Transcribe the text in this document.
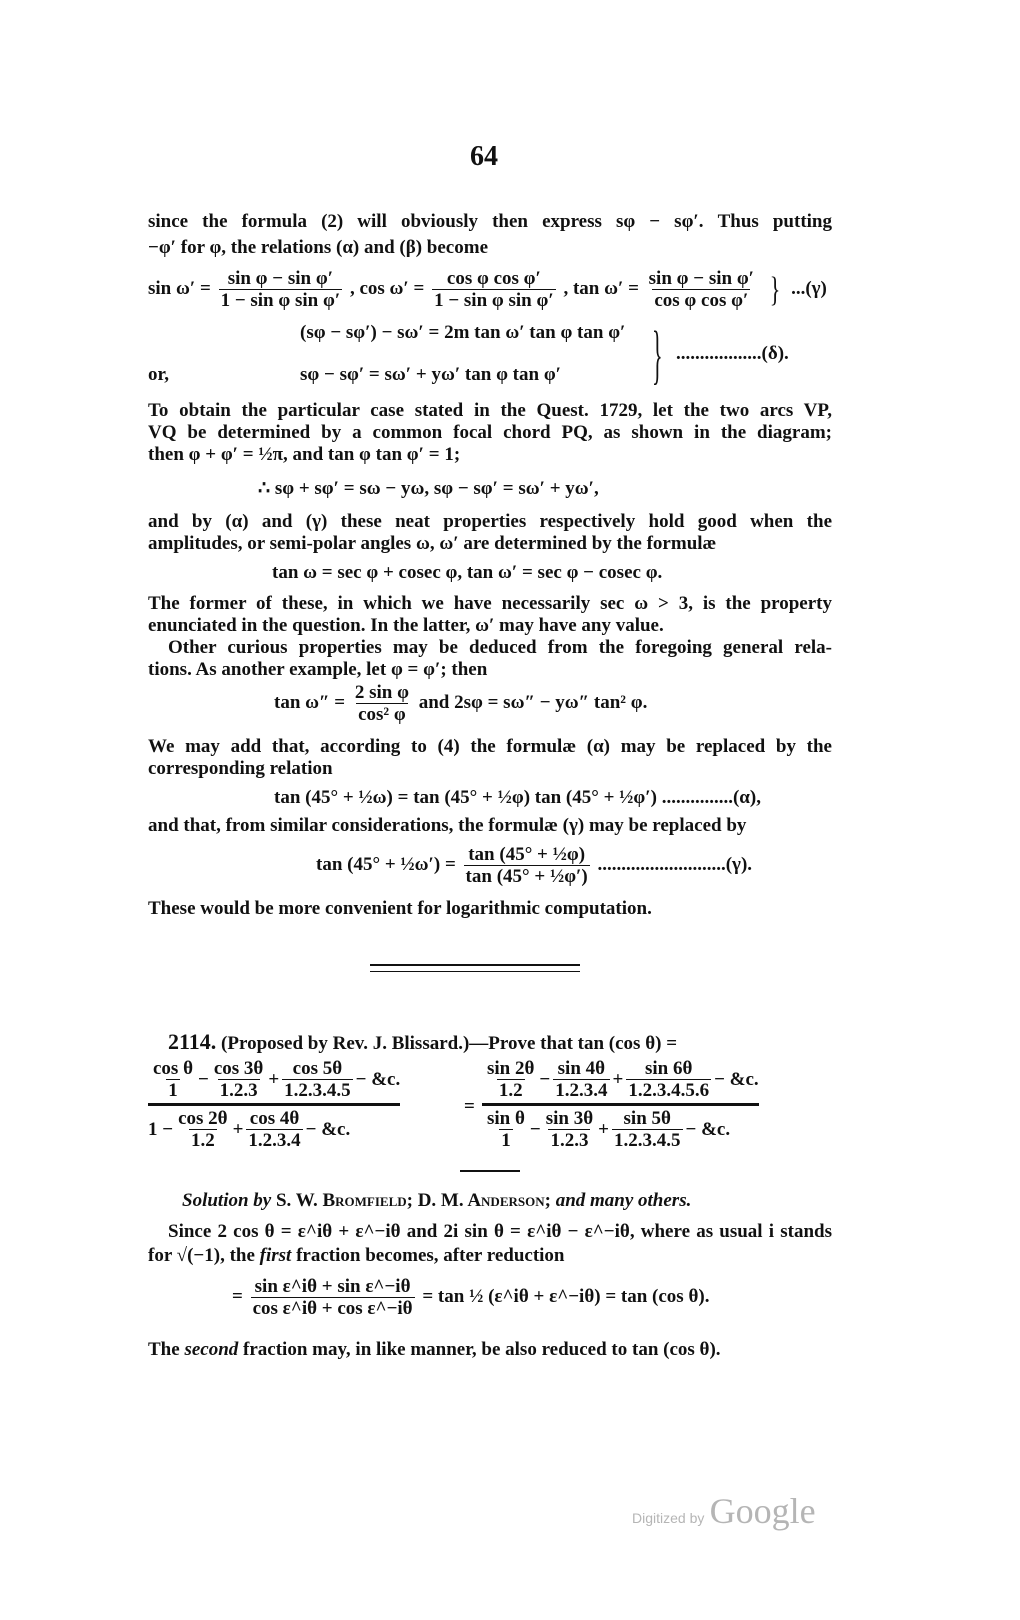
64
since the formula (2) will obviously then express sφ − sφ′. Thus putting
−φ′ for φ, the relations (α) and (β) become
$\sin \omega' = \frac{\text{sin φ − sin φ′}}{\text{1 − sin φ sin φ′}}$ , $\cos \omega' = \frac{\text{cos φ cos φ′}}{\text{1 − sin φ sin φ′}}$ , $\tan \omega' = \frac{\text{sin φ − sin φ′}}{\text{cos φ cos φ′}}$ } ...(γ)
(sφ − sφ′) − sω′ = 2m tan ω′ tan φ tan φ′
or,	sφ − sφ′ = sω′ + yω′ tan φ tan φ′	} ..................(δ).
To obtain the particular case stated in the Quest. 1729, let the two arcs VP,
VQ be determined by a common focal chord PQ, as shown in the diagram;
then φ + φ′ = ½π, and tan φ tan φ′ = 1;
∴ sφ + sφ′ = sω − yω, sφ − sφ′ = sω′ + yω′,
and by (α) and (γ) these neat properties respectively hold good when the
amplitudes, or semi-polar angles ω, ω′ are determined by the formulæ
tan ω = sec φ + cosec φ, tan ω′ = sec φ − cosec φ.
The former of these, in which we have necessarily sec ω > 3, is the property
enunciated in the question. In the latter, ω′ may have any value.
Other curious properties may be deduced from the foregoing general rela-
tions. As another example, let φ = φ′; then
$\tan \omega'' = \frac{\text{2 sin φ}}{\text{cos² φ}}$ and 2sφ = sω″ − yω″ tan² φ.
We may add that, according to (4) the formulæ (α) may be replaced by the
corresponding relation
tan (45° + ½ω) = tan (45° + ½φ) tan (45° + ½φ′) ...............(α),
and that, from similar considerations, the formulæ (γ) may be replaced by
tan (45° + ½ω′) = $\frac{\text{tan (45° + ½φ)}}{\text{tan (45° + ½φ′)}} ...........................(\gamma)$.
These would be more convenient for logarithmic computation.
2114. (Proposed by Rev. J. Blissard.)—Prove that tan (cos θ) =
$\frac{\text{cos θ}}{1} - \frac{\cos 3\theta}{1.2.3} + \frac{\cos 5\theta}{1.2.3.4.5}$ − &c.
$1 - \frac{\cos 2\theta}{1.2} + \frac{\cos 4\theta}{1.2.3.4}$ − &c.
=
$\frac{\sin 2\theta}{1.2} - \frac{\sin 4\theta}{1.2.3.4} + \frac{\sin 6\theta}{1.2.3.4.5.6}$ − &c.
$\frac{\text{sin θ}}{1} - \frac{\sin 3\theta}{1.2.3} + \frac{\sin 5\theta}{1.2.3.4.5}$ − &c.
Solution by S. W. Bromfield; D. M. Anderson; and many others.
Since 2 cos θ = ε^iθ + ε^−iθ and 2i sin θ = ε^iθ − ε^−iθ, where as usual i stands
for √(−1), the first fraction becomes, after reduction
= $\frac{\text{sin ε\textasciicircum{}iθ + sin ε\textasciicircum{}−iθ}}{\text{cos ε\textasciicircum{}iθ + cos ε\textasciicircum{}−iθ}} = \tan$ ½ (ε^iθ + ε^−iθ) = tan (cos θ).
The second fraction may, in like manner, be also reduced to tan (cos θ).
Digitized by Google
